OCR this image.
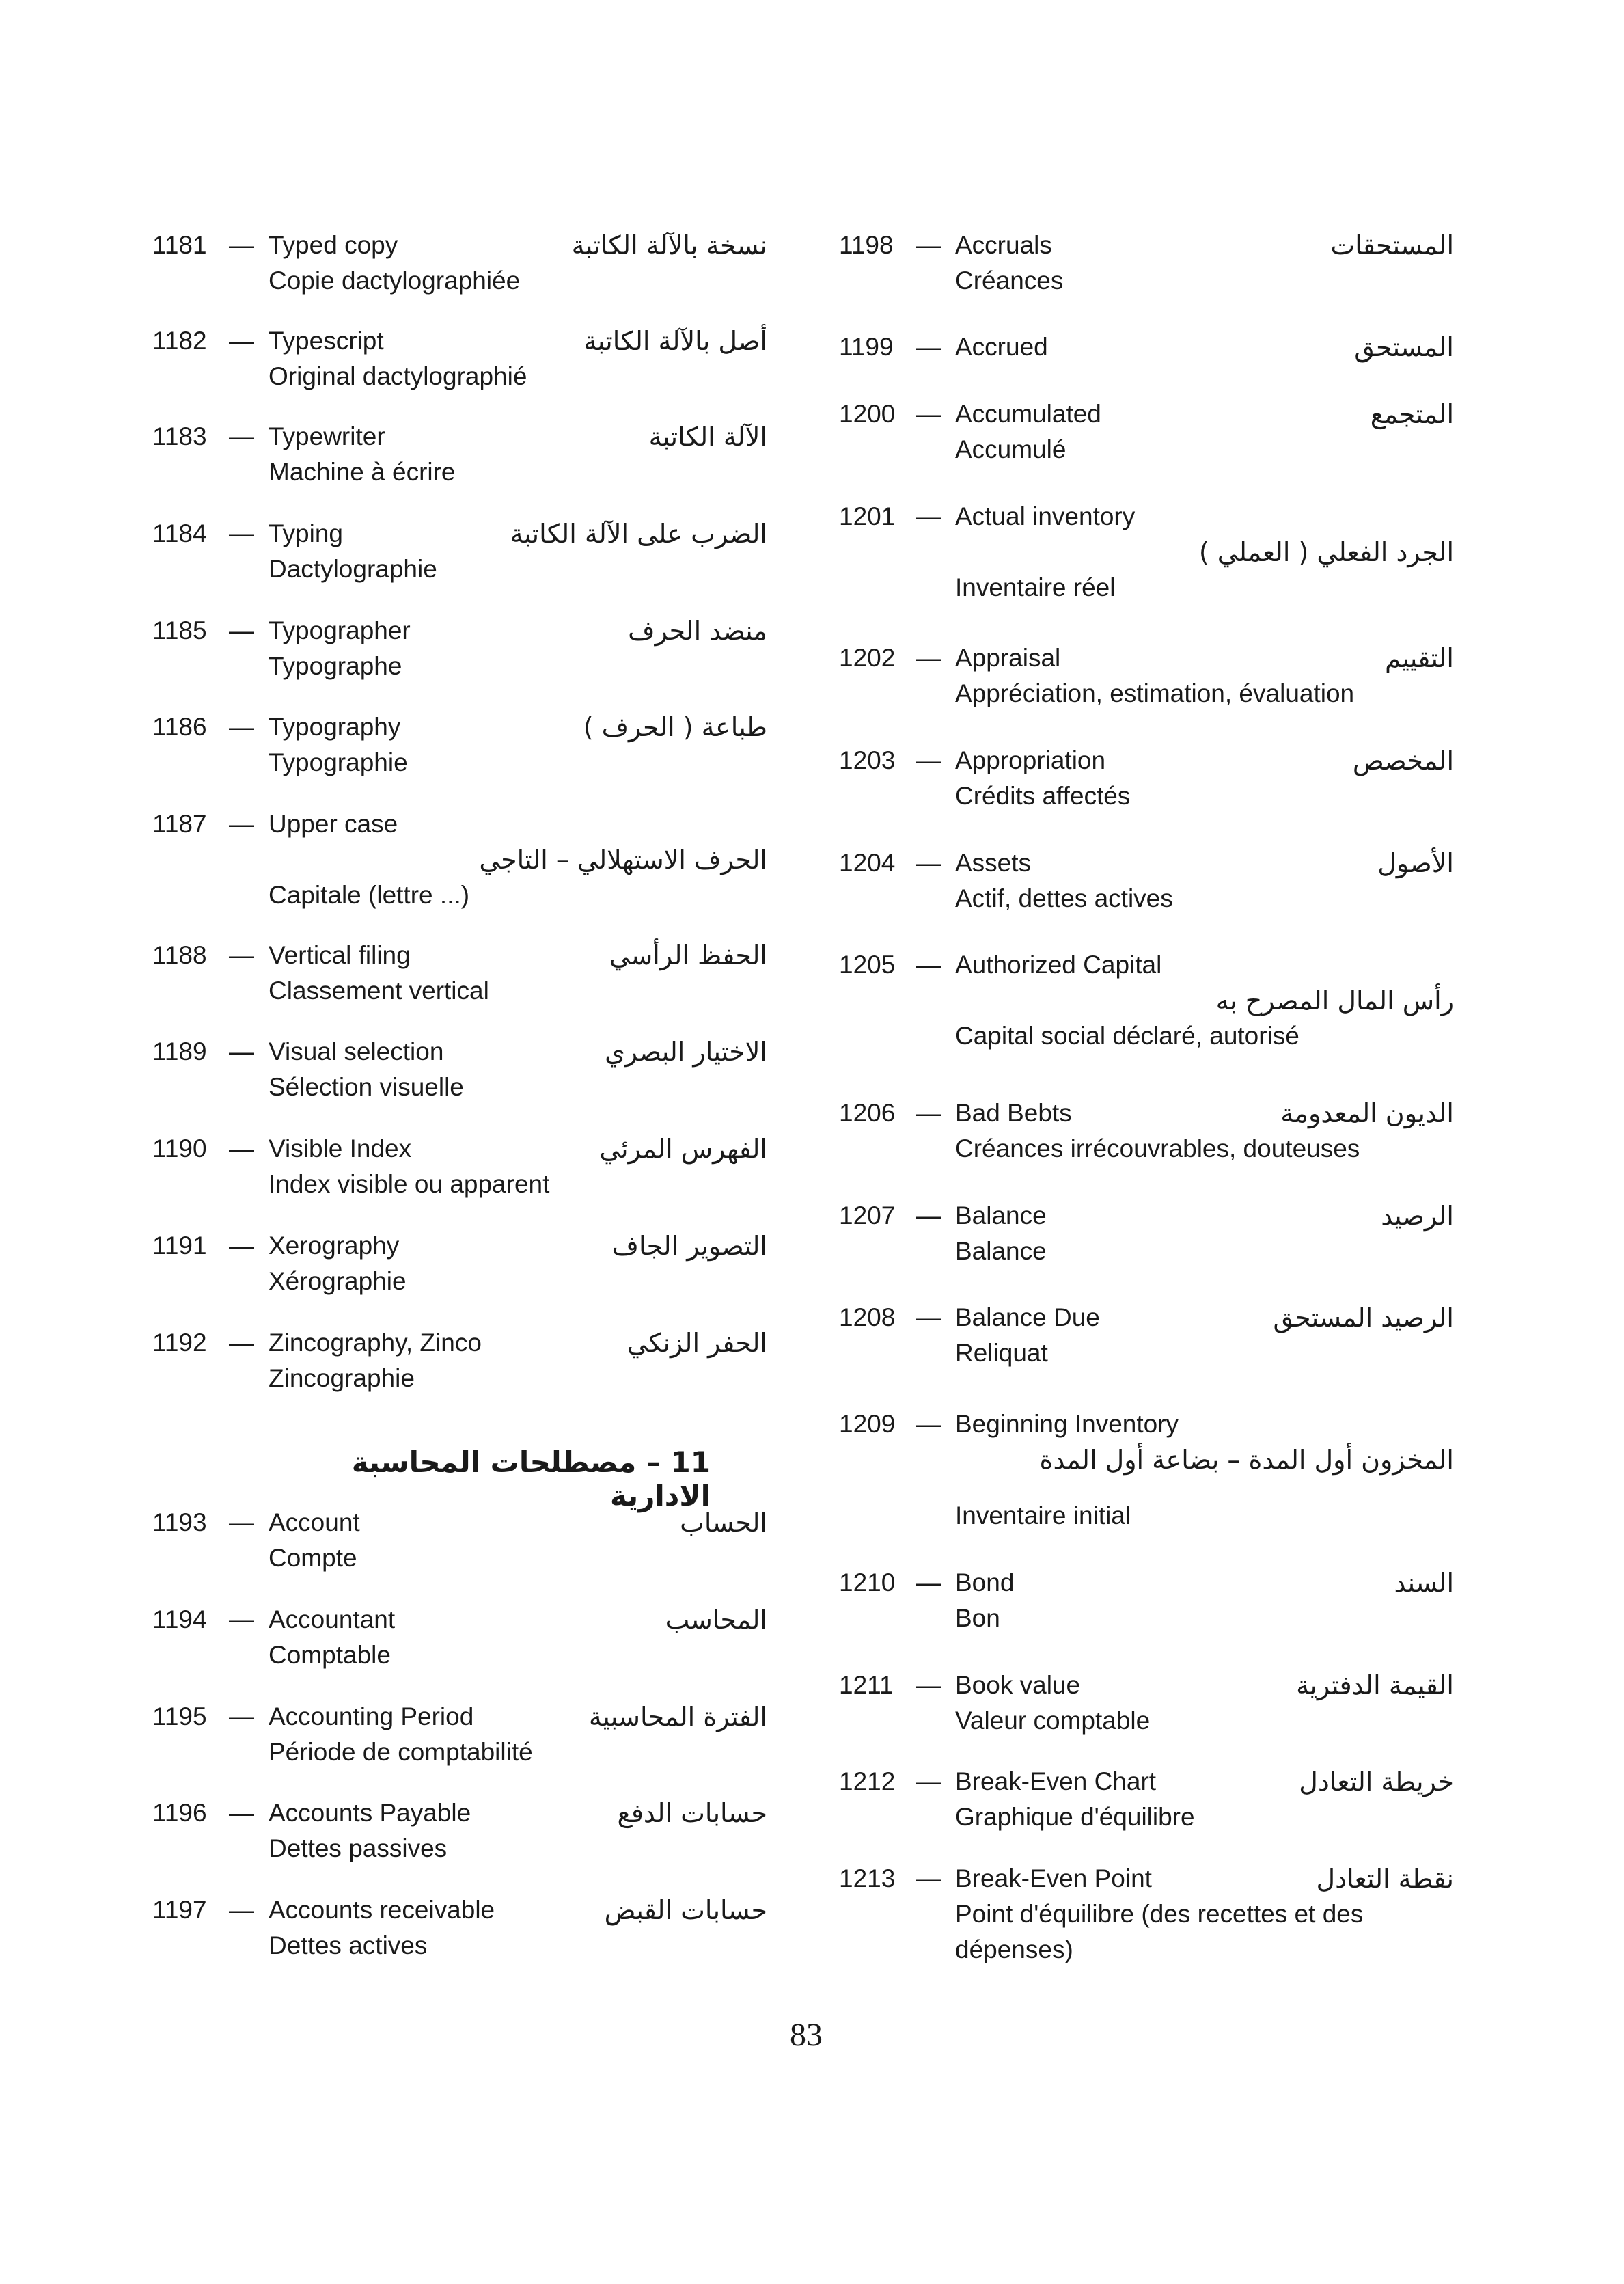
1181 — Typed copy	نسخة بالآلة الكاتبة
Copie dactylographiée
1182 — Typescript	أصل بالآلة الكاتبة
Original dactylographié
1183 — Typewriter	الآلة الكاتبة
Machine à écrire
1184 — Typing	الضرب على الآلة الكاتبة
Dactylographie
1185 — Typographer	منضد الحرف
Typographe
1186 — Typography	طباعة ( الحرف )
Typographie
1187 — Upper case
الحرف الاستهلالي – التاجي
Capitale (lettre ...)
1188 — Vertical filing	الحفظ الرأسي
Classement vertical
1189 — Visual selection	الاختيار البصري
Sélection visuelle
1190 — Visible Index	الفهرس المرئي
Index visible ou apparent
1191 — Xerography	التصوير الجاف
Xérographie
1192 — Zincography, Zinco	الحفر الزنكي
Zincographie
1193 — Account	الحساب
Compte
1194 — Accountant	المحاسب
Comptable
1195 — Accounting Period	الفترة المحاسبية
Période de comptabilité
1196 — Accounts Payable	حسابات الدفع
Dettes passives
1197 — Accounts receivable	حسابات القبض
Dettes actives
11 – مصطلحات المحاسبة الادارية
1198 — Accruals	المستحقات
Créances
1199 — Accrued	المستحق
1200 — Accumulated	المتجمع
Accumulé
1201 — Actual inventory
الجرد الفعلي ( العملي )
Inventaire réel
1202 — Appraisal	التقييم
Appréciation, estimation, évaluation
1203 — Appropriation	المخصص
Crédits affectés
1204 — Assets	الأصول
Actif, dettes actives
1205 — Authorized Capital
رأس المال المصرح به
Capital social déclaré, autorisé
1206 — Bad Bebts	الديون المعدومة
Créances irrécouvrables, douteuses
1207 — Balance	الرصيد
Balance
1208 — Balance Due	الرصيد المستحق
Reliquat
1209 — Beginning Inventory
المخزون أول المدة – بضاعة أول المدة
Inventaire initial
1210 — Bond	السند
Bon
1211 — Book value	القيمة الدفترية
Valeur comptable
1212 — Break-Even Chart	خريطة التعادل
Graphique d'équilibre
1213 — Break-Even Point	نقطة التعادل
Point d'équilibre (des recettes et des
dépenses)
83
